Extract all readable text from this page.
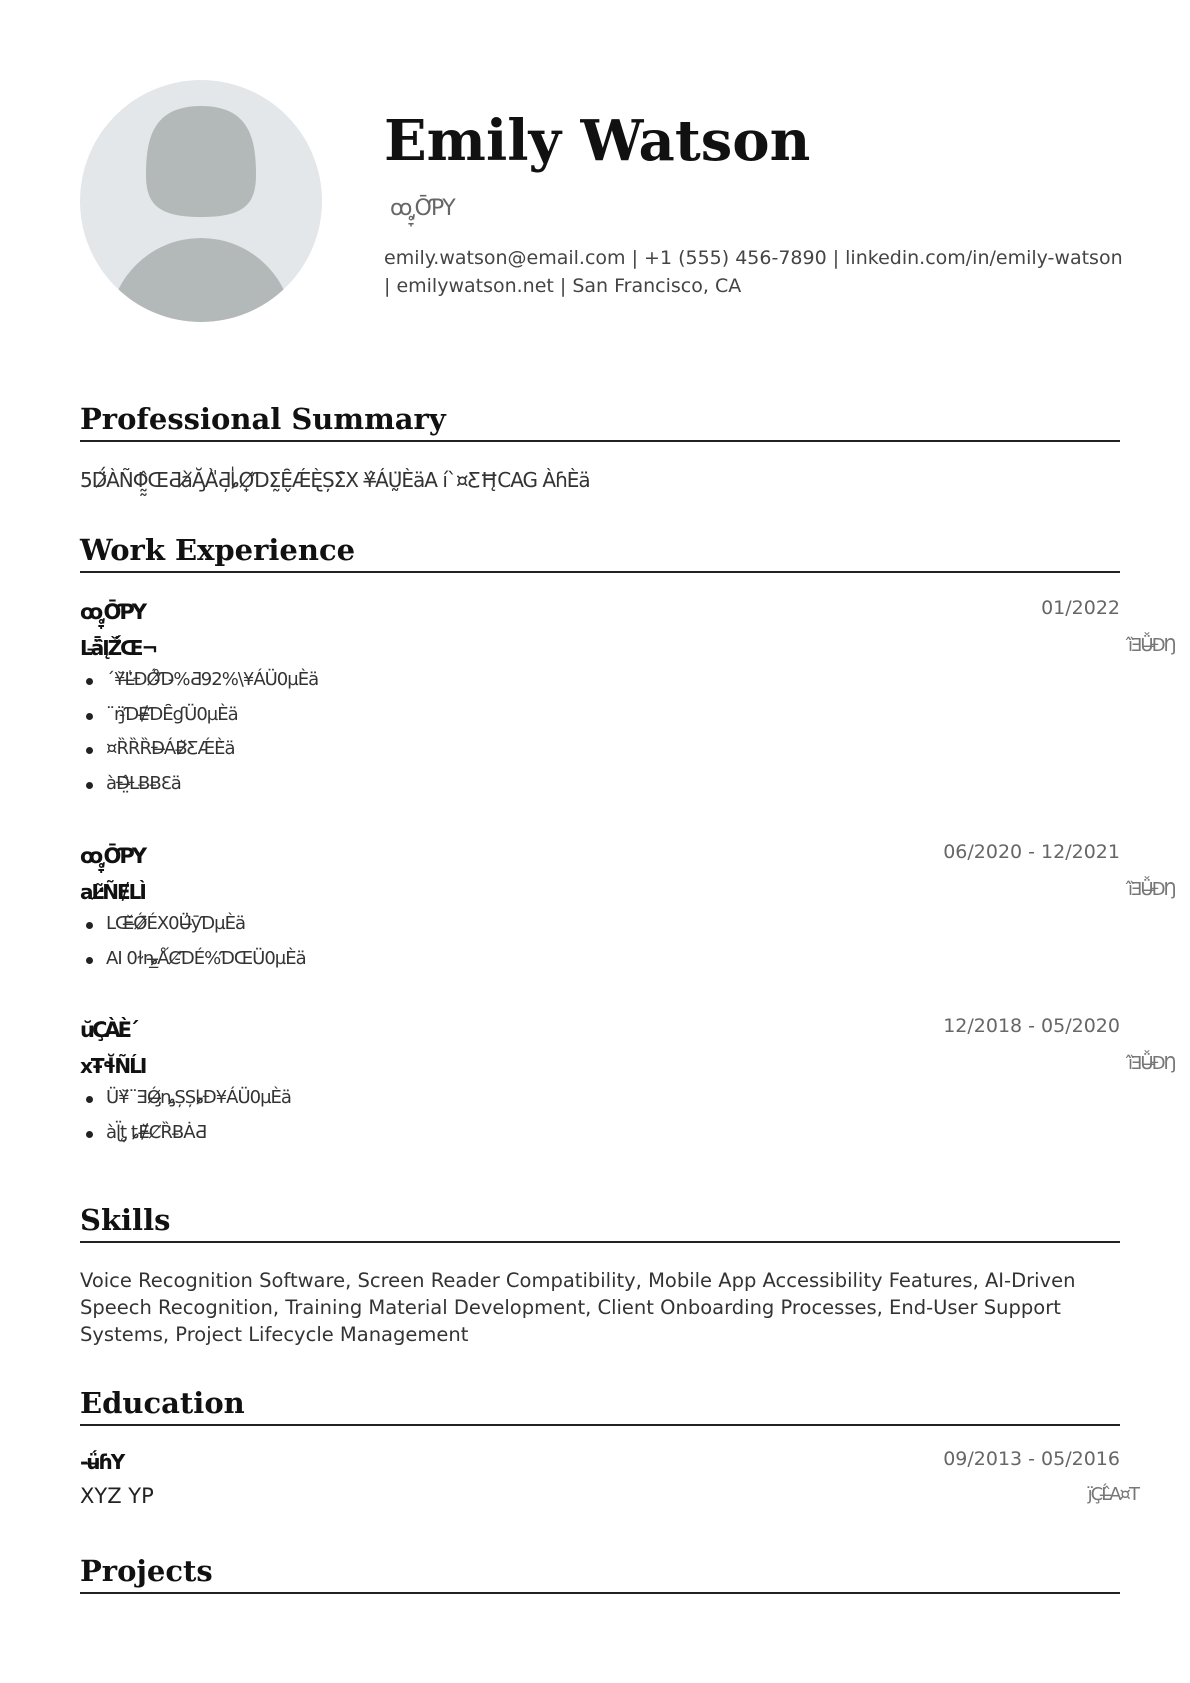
Emily Watson
ꝏ͵̥̞ŌƤY
emily.watson@email.com | +1 (555) 456-7890 | linkedin.com/in/emily-watson | emilywatson.net | San Francisco, CA
Professional Summary
5D̷̈́ÀÑΦ̰̰̂ŒƋà̸Ă̡À̎Ƌ̦ȴ̍Ø̟ƊƩ̰Ȇ̬ǼÈ̢ȘƩ̑X ¥̶̂ÁṴ̈ÈäA í`¤ƸĦ̨CAG ÀɦÈä
Work Experience
ꝏ͵̥̞ŌƤY	01/2022
Lǟ̶̑ĮŽ̈́Œ¬	ȉ̂ƎǙ̶ĐŊ
´¥̆Ľ̶̍ÐǾ̵̊Ɗ̵%Ƌ92%\¥ÁÜ0µÈä
¨ŋ̵̈ƊɆ̶̄ƊȆɠÜ0µÈä
¤ȐȐȐĐ̶ÁɃ̷̌ƸǼÈ̀ä
àĐ̶̤̂ȽɃɃƐä
ꝏ͵̥̞ŌƤY	06/2020 - 12/2021
aĿ̷̃ÑɆLÌ	ȉ̂ƎǙ̶ĐŊ
LŒ̶̌Ǿ̷̄ÉX0Ü̶̂ȳƊµÈä
AI 0ɫȵ̶̲ǺȻ̵ƊÉ%ƊŒÜ0µÈä
ŭÇ̂ÀÈ´	12/2018 - 05/2020
xŦɬ̆ÑĹI	ȉ̂ƎǙ̶ĐŊ
Ü¥̆¨ƎǾ̶̡ȵ̡ȘȘȴ̵Đ¥ÁÜ0µÈä
àɭ̈ț̡̨ ȶɆ̶̌ȻȐɃȦƋ
Skills
Voice Recognition Software, Screen Reader Compatibility, Mobile App Accessibility Features, AI-Driven Speech Recognition, Training Material Development, Client Onboarding Processes, End-User Support Systems, Project Lifecycle Management
Education
-ǘ̶ɦY	09/2013 - 05/2016
XYZ YP	ȷ̈ÇĹ̶̂A¤T
Projects
